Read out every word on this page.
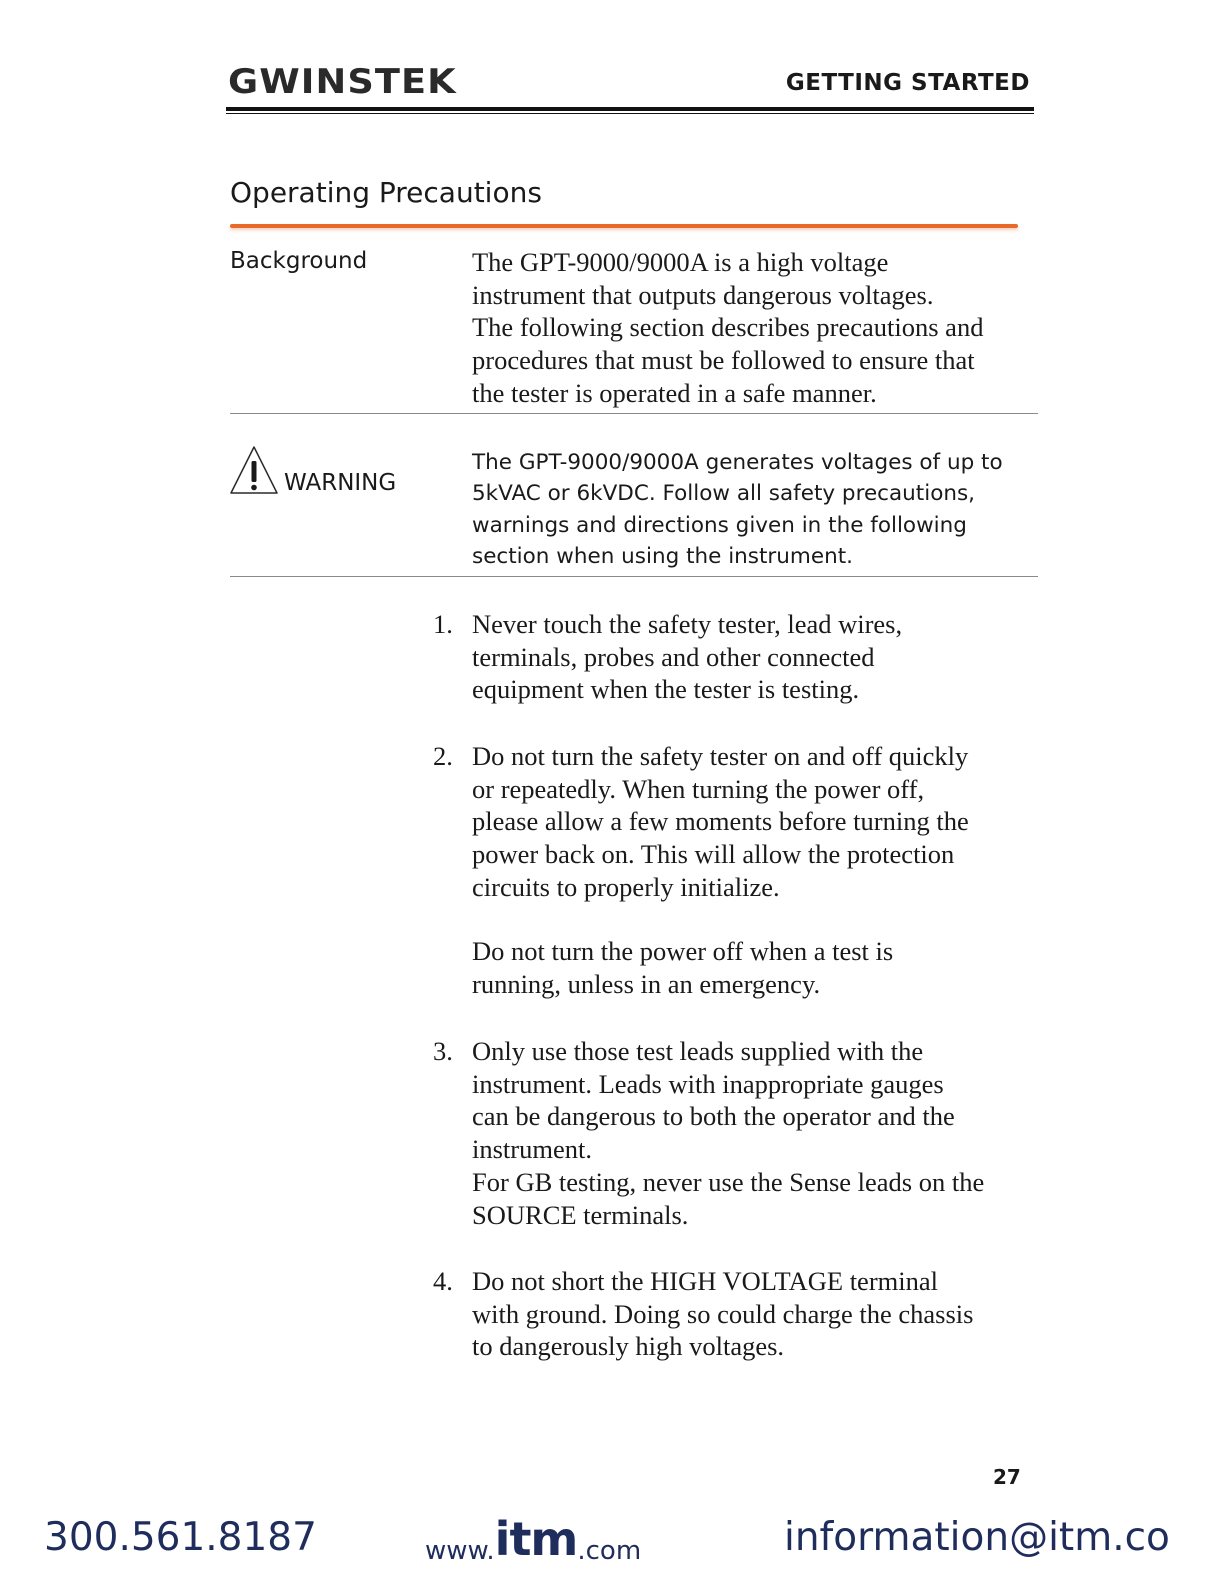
GWINSTEK	GETTING STARTED
Operating Precautions
Background	The GPT-9000/9000A is a high voltage
instrument that outputs dangerous voltages.
The following section describes precautions and
procedures that must be followed to ensure that
the tester is operated in a safe manner.
WARNING
The GPT-9000/9000A generates voltages of up to
5kVAC or 6kVDC. Follow all safety precautions,
warnings and directions given in the following
section when using the instrument.
1. Never touch the safety tester, lead wires,
terminals, probes and other connected
equipment when the tester is testing.
2. Do not turn the safety tester on and off quickly
or repeatedly. When turning the power off,
please allow a few moments before turning the
power back on. This will allow the protection
circuits to properly initialize.
Do not turn the power off when a test is
running, unless in an emergency.
3. Only use those test leads supplied with the
instrument. Leads with inappropriate gauges
can be dangerous to both the operator and the
instrument.
For GB testing, never use the Sense leads on the
SOURCE terminals.
4. Do not short the HIGH VOLTAGE terminal
with ground. Doing so could charge the chassis
to dangerously high voltages.
27
300.561.8187	www.itm.com	information@itm.co
